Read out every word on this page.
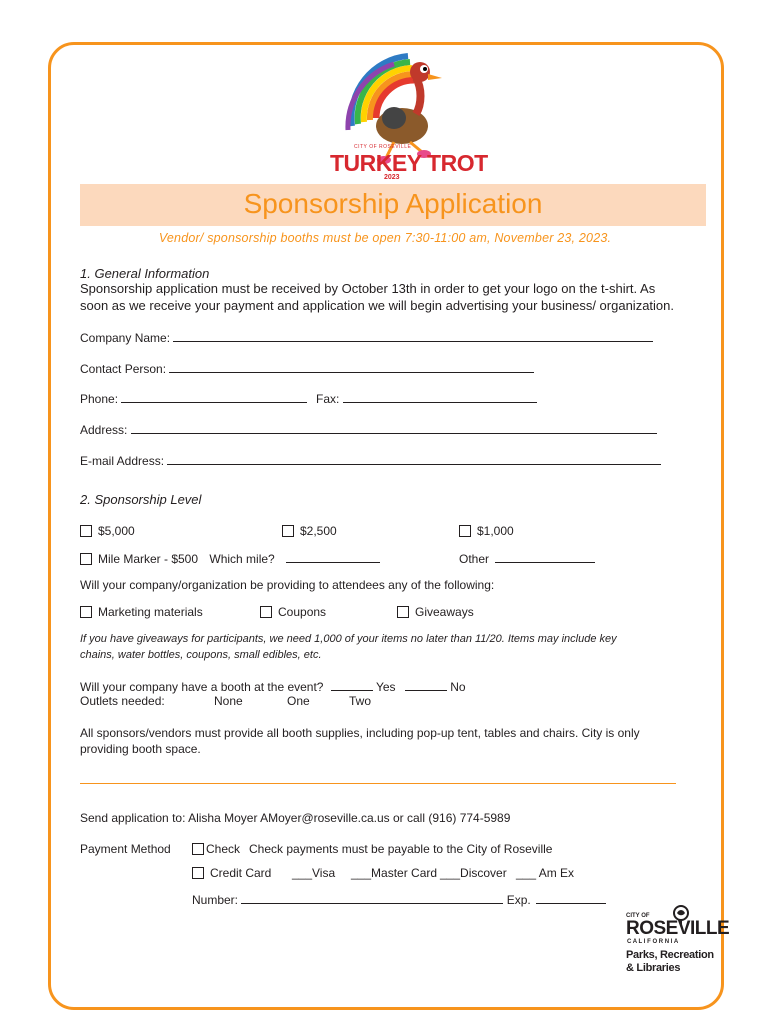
CITY OF ROSEVILLE
TURKEY TROT
2023
Sponsorship Application
Vendor/ sponsorship booths must be open 7:30-11:00 am, November 23, 2023.
1. General Information
Sponsorship application must be received by October 13th in order to get your logo on the t-shirt. As
soon as we receive your payment and application we will begin advertising your business/ organization.
Company Name:
Contact Person:
Phone:	Fax:
Address:
E-mail Address:
2. Sponsorship Level
$5,000	$2,500	$1,000
Mile Marker - $500 Which mile?	Other
Will your company/organization be providing to attendees any of the following:
Marketing materials	Coupons	Giveaways
If you have giveaways for participants, we need 1,000 of your items no later than 11/20. Items may include key
chains, water bottles, coupons, small edibles, etc.
Will your company have a booth at the event?	Yes	No
Outlets needed:	None	One	Two
All sponsors/vendors must provide all booth supplies, including pop-up tent, tables and chairs. City is only
providing booth space.
Send application to: Alisha Moyer AMoyer@roseville.ca.us or call (916) 774-5989
Payment Method	Check Check payments must be payable to the City of Roseville
Credit Card ___Visa ___Master Card ___Discover ___ Am Ex
Number:	Exp.
CITY OF
ROSEVILLE
C A L I F O R N I A
Parks, Recreation
& Libraries
